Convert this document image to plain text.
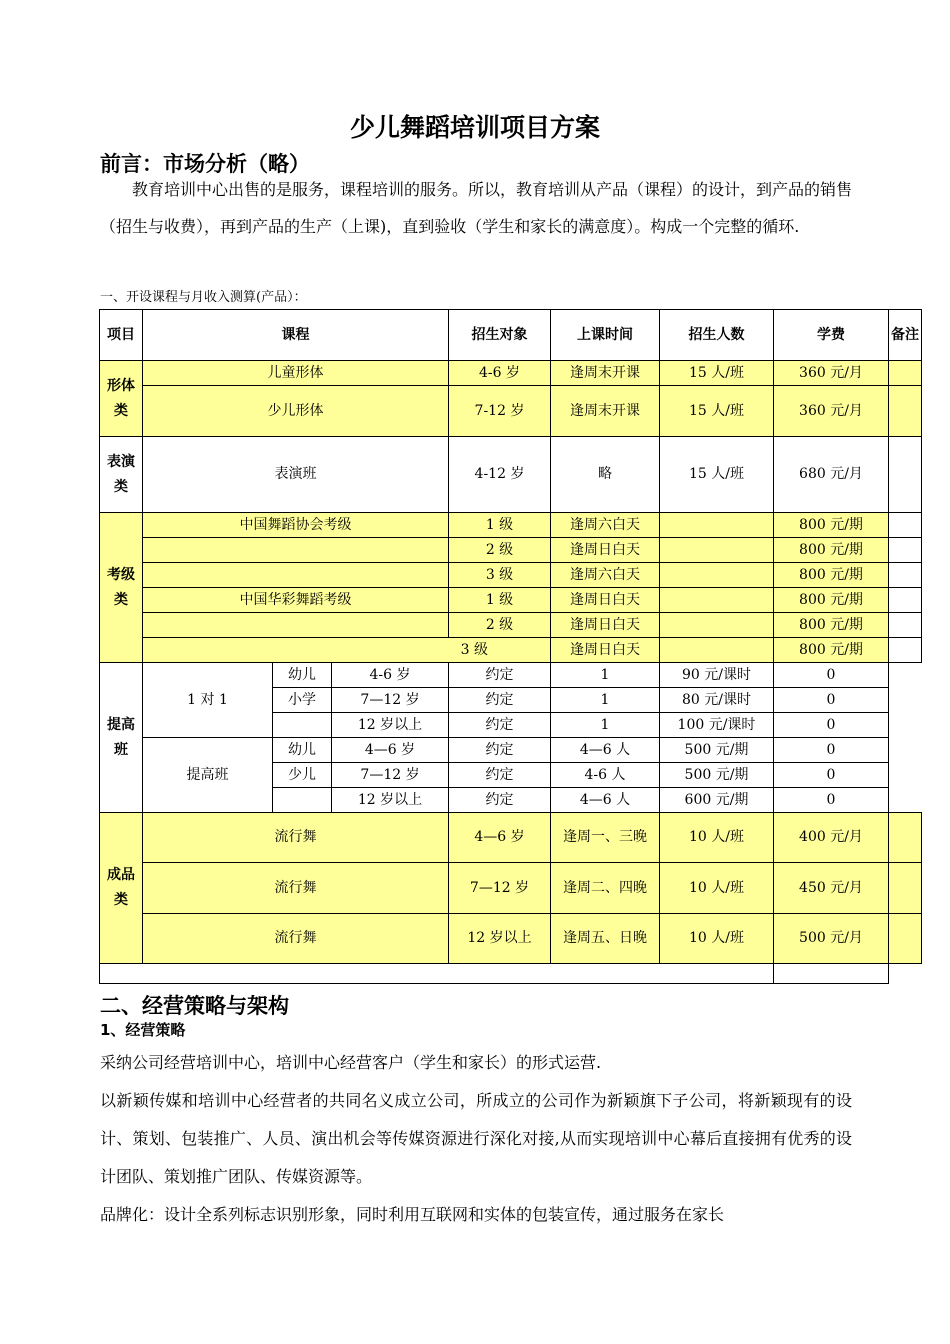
少儿舞蹈培训项目方案
前言：市场分析（略）
教育培训中心出售的是服务，课程培训的服务。所以，教育培训从产品（课程）的设计，到产品的销售（招生与收费），再到产品的生产（上课)，直到验收（学生和家长的满意度）。构成一个完整的循环.
一、开设课程与月收入测算(产品）：
项目	课程			招生对象	上课时间	招生人数	学费	备注
形体类	儿童形体			4-6 岁	逢周末开课	15 人/班	360 元/月	
	少儿形体			7-12 岁	逢周末开课	15 人/班	360 元/月	
表演类	表演班			4-12 岁	略	15 人/班	680 元/月	
考级类	中国舞蹈协会考级			1 级	逢周六白天		800 元/期	
				2 级	逢周日白天		800 元/期	
				3 级	逢周六白天		800 元/期	
	中国华彩舞蹈考级			1 级	逢周日白天		800 元/期	
				2 级	逢周日白天		800 元/期	
	3 级				逢周日白天		800 元/期	
提高班	1 对 1	幼儿	4-6 岁	约定	1	90 元/课时	0	
		小学	7—12 岁	约定	1	80 元/课时	0	
			12 岁以上	约定	1	100 元/课时	0	
	提高班	幼儿	4—6 岁	约定	4—6 人	500 元/期	0	
		少儿	7—12 岁	约定	4-6 人	500 元/期	0	
			12 岁以上	约定	4—6 人	600 元/期	0	
成品类	流行舞			4—6 岁	逢周一、三晚	10 人/班	400 元/月	
	流行舞			7—12 岁	逢周二、四晚	10 人/班	450 元/月	
	流行舞			12 岁以上	逢周五、日晚	10 人/班	500 元/月	

二、经营策略与架构
1、经营策略
采纳公司经营培训中心，培训中心经营客户（学生和家长）的形式运营.
以新颖传媒和培训中心经营者的共同名义成立公司，所成立的公司作为新颖旗下子公司，将新颖现有的设计、策划、包装推广、人员、演出机会等传媒资源进行深化对接,从而实现培训中心幕后直接拥有优秀的设计团队、策划推广团队、传媒资源等。
品牌化：设计全系列标志识别形象，同时利用互联网和实体的包装宣传，通过服务在家长
